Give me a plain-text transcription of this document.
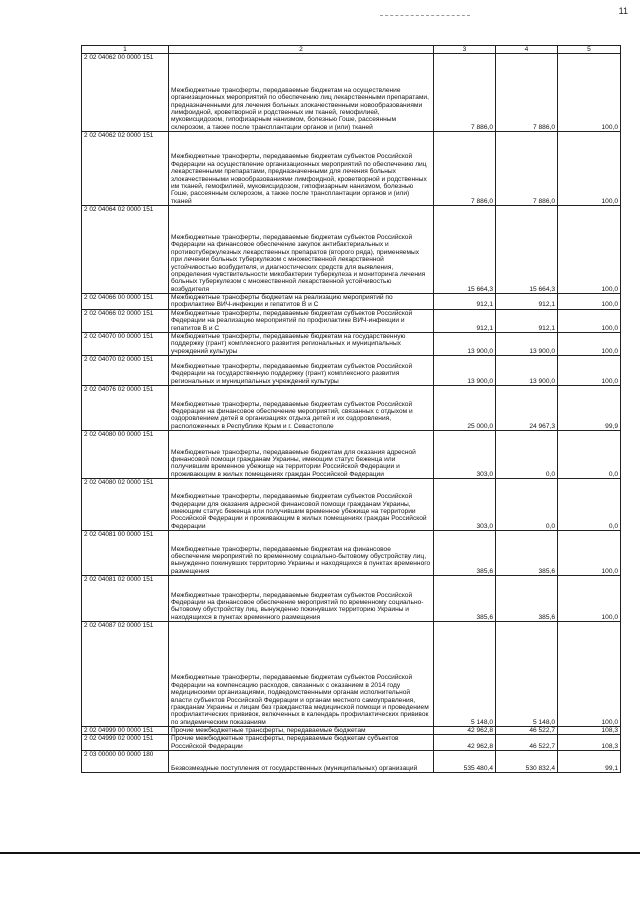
11
1	2	3	4	5
2 02 04062 00 0000 151	Межбюджетные трансферты, передаваемые бюджетам на осуществление организационных мероприятий по обеспечению лиц лекарственными препаратами, предназначенными для лечения больных злокачественными новообразованиями лимфоидной, кроветворной и родственных им тканей, гемофилией, муковисцидозом, гипофизарным нанизмом, болезнью Гоше, рассеянным склерозом, а также после трансплантации органов и (или) тканей	7 886,0	7 886,0	100,0
2 02 04062 02 0000 151	Межбюджетные трансферты, передаваемые бюджетам субъектов Российской Федерации на осуществление организационных мероприятий по обеспечению лиц лекарственными препаратами, предназначенными для лечения больных злокачественными новообразованиями лимфоидной, кроветворной и родственных им тканей, гемофилией, муковисцидозом, гипофизарным нанизмом, болезнью Гоше, рассеянным склерозом, а также после трансплантации органов и (или) тканей	7 886,0	7 886,0	100,0
2 02 04064 02 0000 151	Межбюджетные трансферты, передаваемые бюджетам субъектов Российской Федерации на финансовое обеспечение закупок антибактериальных и противотуберкулезных лекарственных препаратов (второго ряда), применяемых при лечении больных туберкулезом с множественной лекарственной устойчивостью возбудителя, и диагностических средств для выявления, определения чувствительности микобактерии туберкулеза и мониторинга лечения больных туберкулезом с множественной лекарственной устойчивостью возбудителя	15 664,3	15 664,3	100,0
2 02 04066 00 0000 151	Межбюджетные трансферты бюджетам на реализацию мероприятий по профилактике ВИЧ-инфекции и гепатитов B и C	912,1	912,1	100,0
2 02 04066 02 0000 151	Межбюджетные трансферты, передаваемые бюджетам субъектов Российской Федерации на реализацию мероприятий по профилактике ВИЧ-инфекции и гепатитов B и C	912,1	912,1	100,0
2 02 04070 00 0000 151	Межбюджетные трансферты, передаваемые бюджетам на государственную поддержку (грант) комплексного развития региональных и муниципальных учреждений культуры	13 900,0	13 900,0	100,0
2 02 04070 02 0000 151	Межбюджетные трансферты, передаваемые бюджетам субъектов Российской Федерации на государственную поддержку (грант) комплексного развития региональных и муниципальных учреждений культуры	13 900,0	13 900,0	100,0
2 02 04076 02 0000 151	Межбюджетные трансферты, передаваемые бюджетам субъектов Российской Федерации на финансовое обеспечение мероприятий, связанных с отдыхом и оздоровлением детей в организациях отдыха детей и их оздоровления, расположенных в Республике Крым и г. Севастополе	25 000,0	24 967,3	99,9
2 02 04080 00 0000 151	Межбюджетные трансферты, передаваемые бюджетам для оказания адресной финансовой помощи гражданам Украины, имеющим статус беженца или получившим временное убежище на территории Российской Федерации и проживающим в жилых помещениях граждан Российской Федерации	303,0	0,0	0,0
2 02 04080 02 0000 151	Межбюджетные трансферты, передаваемые бюджетам субъектов Российской Федерации для оказания адресной финансовой помощи гражданам Украины, имеющим статус беженца или получившим временное убежище на территории Российской Федерации и проживающим в жилых помещениях граждан Российской Федерации	303,0	0,0	0,0
2 02 04081 00 0000 151	Межбюджетные трансферты, передаваемые бюджетам на финансовое обеспечение мероприятий по временному социально-бытовому обустройству лиц, вынужденно покинувших территорию Украины и находящихся в пунктах временного размещения	385,6	385,6	100,0
2 02 04081 02 0000 151	Межбюджетные трансферты, передаваемые бюджетам субъектов Российской Федерации на финансовое обеспечение мероприятий по временному социально-бытовому обустройству лиц, вынужденно покинувших территорию Украины и находящихся в пунктах временного размещения	385,6	385,6	100,0
2 02 04087 02 0000 151	Межбюджетные трансферты, передаваемые бюджетам субъектов Российской Федерации на компенсацию расходов, связанных с оказанием в 2014 году медицинскими организациями, подведомственными органам исполнительной власти субъектов Российской Федерации и органам местного самоуправления, гражданам Украины и лицам без гражданства медицинской помощи и проведением профилактических прививок, включенных в календарь профилактических прививок по эпидемическим показаниям	5 148,0	5 148,0	100,0
2 02 04999 00 0000 151	Прочие межбюджетные трансферты, передаваемые бюджетам	42 962,8	46 522,7	108,3
2 02 04999 02 0000 151	Прочие межбюджетные трансферты, передаваемые бюджетам субъектов Российской Федерации	42 962,8	46 522,7	108,3
2 03 00000 00 0000 180	Безвозмездные поступления от государственных (муниципальных) организаций	535 480,4	530 832,4	99,1
